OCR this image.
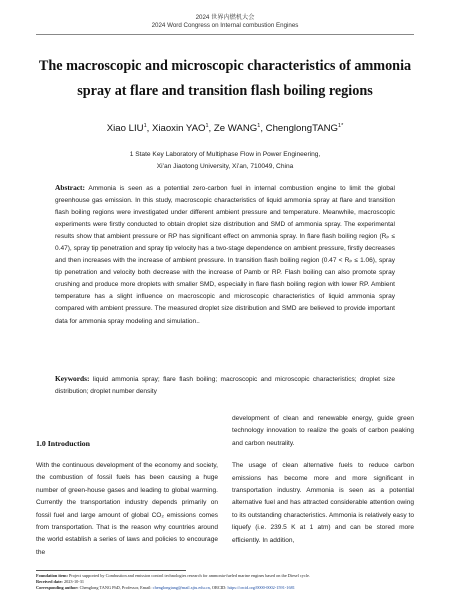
2024 世界内燃机大会
2024 Word Congress on Internal combustion Engines
The macroscopic and microscopic characteristics of ammonia spray at flare and transition flash boiling regions
Xiao LIU$^1$, Xiaoxin YAO$^1$, Ze WANG$^1$, ChenglongTANG$^{1*}$
1 State Key Laboratory of Multiphase Flow in Power Engineering,
Xi’an Jiaotong University, Xi’an, 710049, China
Abstract: Ammonia is seen as a potential zero-carbon fuel in internal combustion engine to limit the global greenhouse gas emission. In this study, macroscopic characteristics of liquid ammonia spray at flare and transition flash boiling regions were investigated under different ambient pressure and temperature. Meanwhile, macroscopic experiments were firstly conducted to obtain droplet size distribution and SMD of ammonia spray. The experimental results show that ambient pressure or RP has significant effect on ammonia spray. In flare flash boiling region (Rₚ ≤ 0.47), spray tip penetration and spray tip velocity has a two-stage dependence on ambient pressure, firstly decreases and then increases with the increase of ambient pressure. In transition flash boiling region (0.47 < Rₚ ≤ 1.06), spray tip penetration and velocity both decrease with the increase of Pamb or RP. Flash boiling can also promote spray crushing and produce more droplets with smaller SMD, especially in flare flash boiling region with lower RP. Ambient temperature has a slight influence on macroscopic and microscopic characteristics of liquid ammonia spray compared with ambient pressure. The measured droplet size distribution and SMD are believed to provide important data for ammonia spray modeling and simulation..
Keywords: liquid ammonia spray; flare flash boiling; macroscopic and microscopic characteristics; droplet size distribution; droplet number density
1.0 Introduction

With the continuous development of the economy and society, the combustion of fossil fuels has been causing a huge number of green-house gases and leading to global warming. Currently the transportation industry depends primarily on fossil fuel and large amount of global CO₂ emissions comes from transportation. That is the reason why countries around the world establish a series of laws and policies to encourage the

development of clean and renewable energy, guide green technology innovation to realize the goals of carbon peaking and carbon neutrality.

The usage of clean alternative fuels to reduce carbon emissions has become more and more significant in transportation industry. Ammonia is seen as a potential alternative fuel and has attracted considerable attention owing to its outstanding characteristics. Ammonia is relatively easy to liquefy (i.e. 239.5 K at 1 atm) and can be stored more efficiently. In addition,

Foundation item: Project supported by Combustion and emission control technologies research for ammonia-fueled marine engines based on the Diesel cycle.
Received date: 2023-10-31
Corresponding author: Chenglong TANG PhD, Professor, Email: chenglongtang@mail.xjtu.edu.cn, ORCID: https://orcid.org/0000-0002-1591-1681
